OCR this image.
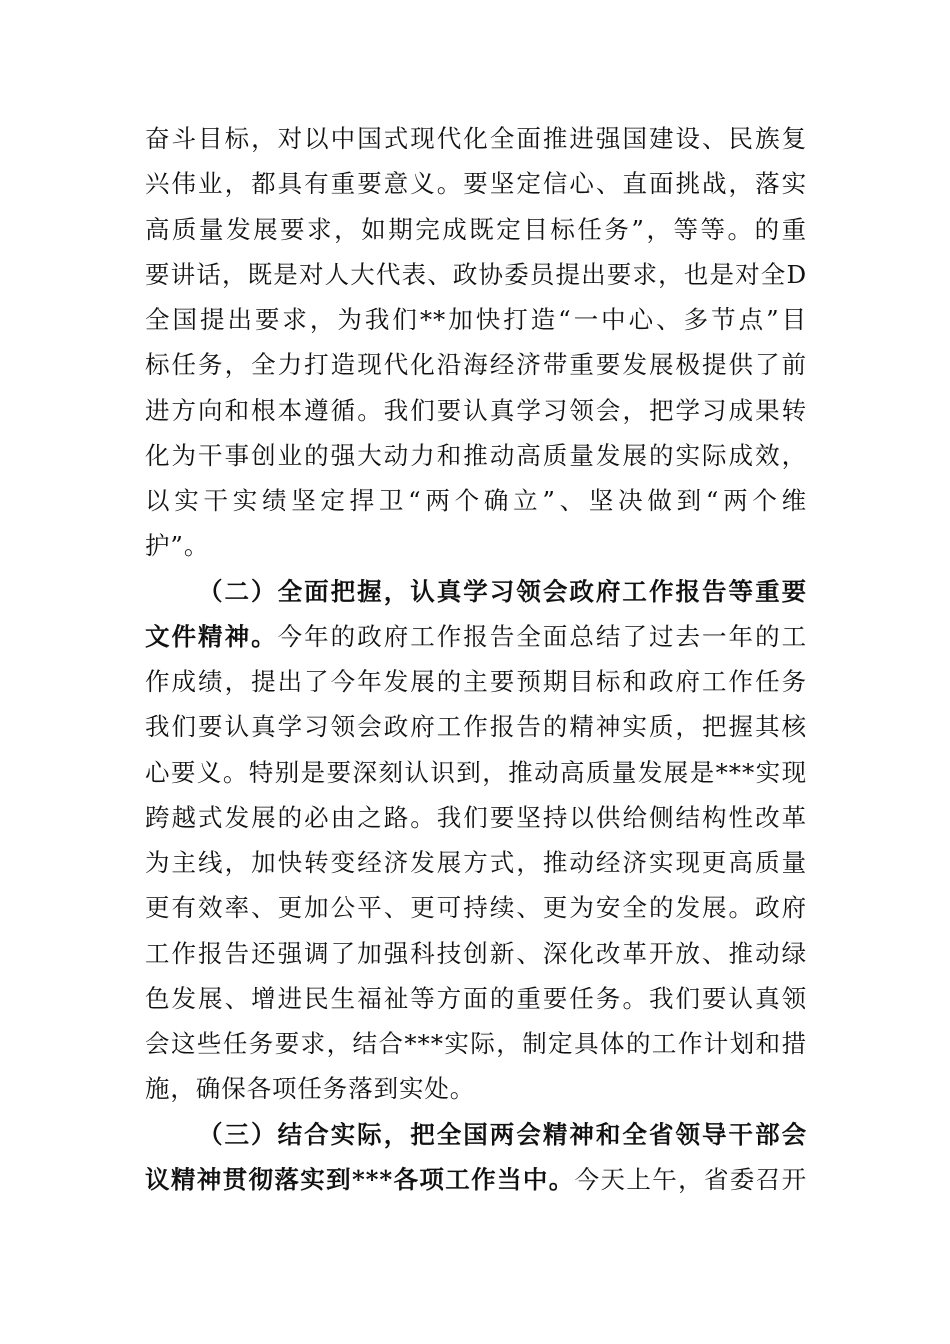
奋斗目标，对以中国式现代化全面推进强国建设、民族复
兴伟业，都具有重要意义。要坚定信心、直面挑战，落实
高质量发展要求，如期完成既定目标任务”，等等。的重
要讲话，既是对人大代表、政协委员提出要求，也是对全D
全国提出要求，为我们**加快打造“一中心、多节点”目
标任务，全力打造现代化沿海经济带重要发展极提供了前
进方向和根本遵循。我们要认真学习领会，把学习成果转
化为干事创业的强大动力和推动高质量发展的实际成效，
以实干实绩坚定捍卫“两个确立”、坚决做到“两个维
护”。
（二）全面把握，认真学习领会政府工作报告等重要
文件精神。今年的政府工作报告全面总结了过去一年的工
作成绩，提出了今年发展的主要预期目标和政府工作任务
我们要认真学习领会政府工作报告的精神实质，把握其核
心要义。特别是要深刻认识到，推动高质量发展是***实现
跨越式发展的必由之路。我们要坚持以供给侧结构性改革
为主线，加快转变经济发展方式，推动经济实现更高质量
更有效率、更加公平、更可持续、更为安全的发展。政府
工作报告还强调了加强科技创新、深化改革开放、推动绿
色发展、增进民生福祉等方面的重要任务。我们要认真领
会这些任务要求，结合***实际，制定具体的工作计划和措
施，确保各项任务落到实处。
（三）结合实际，把全国两会精神和全省领导干部会
议精神贯彻落实到***各项工作当中。今天上午，省委召开
